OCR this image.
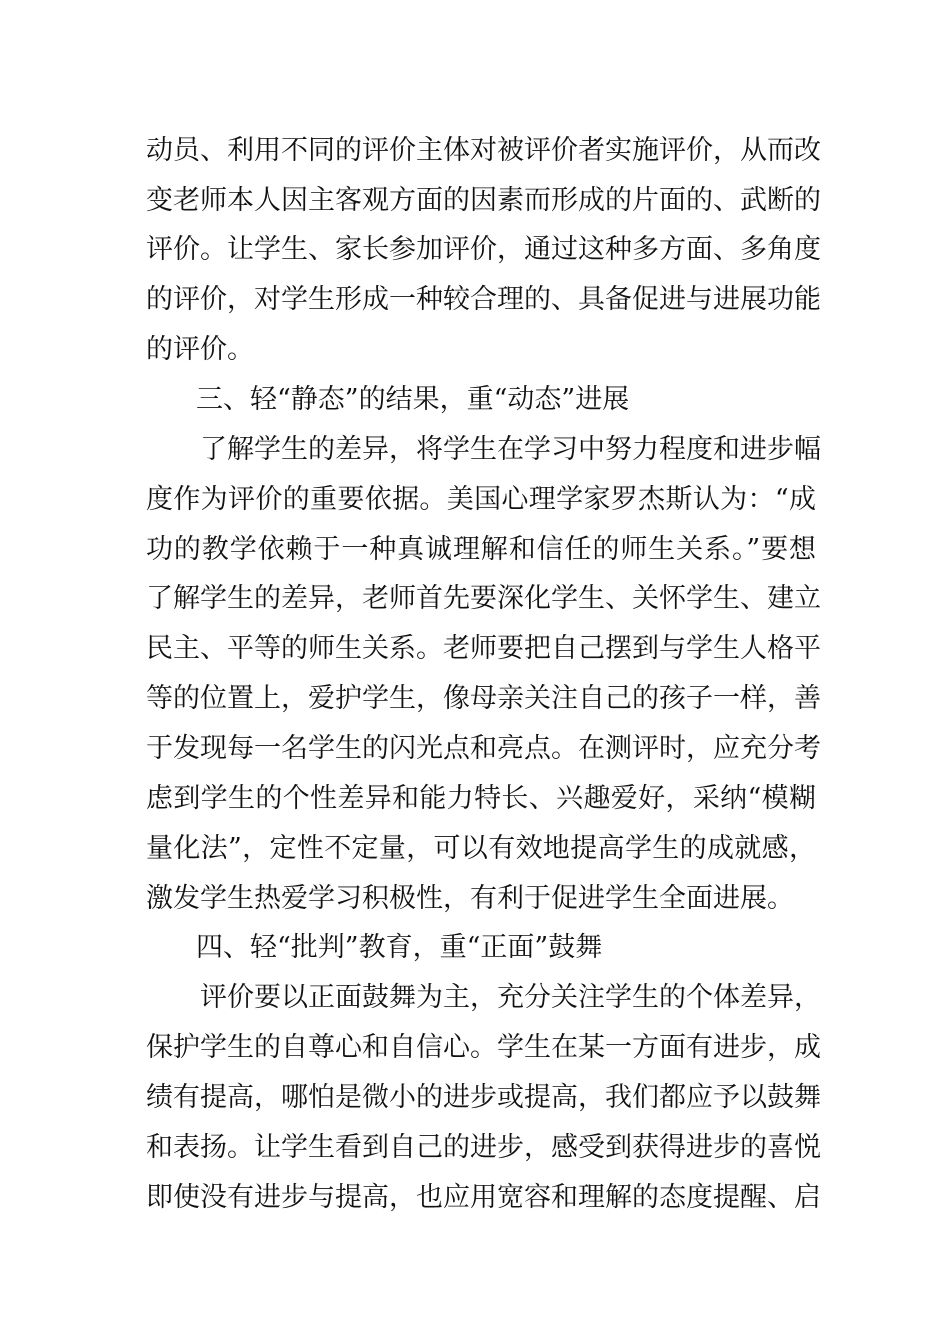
动员、利用不同的评价主体对被评价者实施评价，从而改
变老师本人因主客观方面的因素而形成的片面的、武断的
评价。让学生、家长参加评价，通过这种多方面、多角度
的评价，对学生形成一种较合理的、具备促进与进展功能
的评价。
三、轻“静态”的结果，重“动态”进展
了解学生的差异，将学生在学习中努力程度和进步幅
度作为评价的重要依据。美国心理学家罗杰斯认为：“成
功的教学依赖于一种真诚理解和信任的师生关系。”要想
了解学生的差异，老师首先要深化学生、关怀学生、建立
民主、平等的师生关系。老师要把自己摆到与学生人格平
等的位置上，爱护学生，像母亲关注自己的孩子一样，善
于发现每一名学生的闪光点和亮点。在测评时，应充分考
虑到学生的个性差异和能力特长、兴趣爱好，采纳“模糊
量化法”，定性不定量，可以有效地提高学生的成就感，
激发学生热爱学习积极性，有利于促进学生全面进展。
四、轻“批判”教育，重“正面”鼓舞
评价要以正面鼓舞为主，充分关注学生的个体差异，
保护学生的自尊心和自信心。学生在某一方面有进步，成
绩有提高，哪怕是微小的进步或提高，我们都应予以鼓舞
和表扬。让学生看到自己的进步，感受到获得进步的喜悦
即使没有进步与提高，也应用宽容和理解的态度提醒、启
